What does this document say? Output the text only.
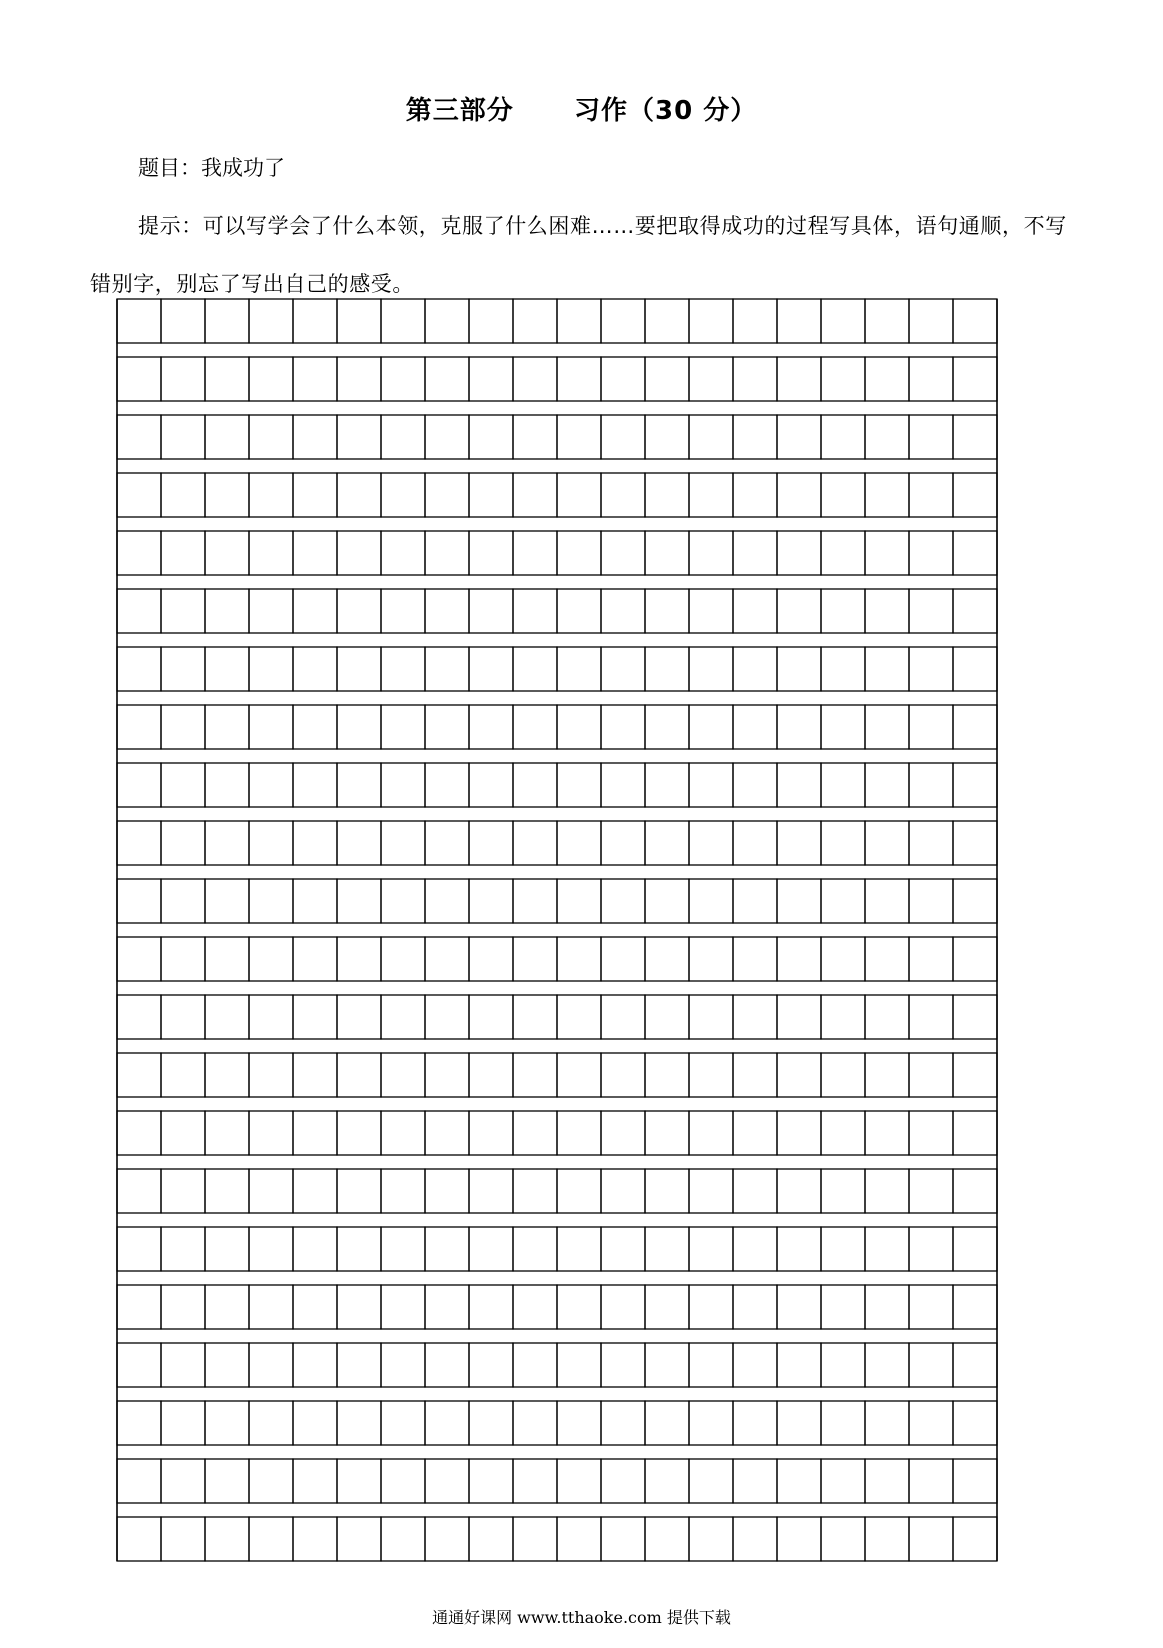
第三部分      习作（30 分）
题目：我成功了
提示：可以写学会了什么本领，克服了什么困难……要把取得成功的过程写具体，语句通顺，不写错别字，别忘了写出自己的感受。
通通好课网 www.tthaoke.com 提供下载
